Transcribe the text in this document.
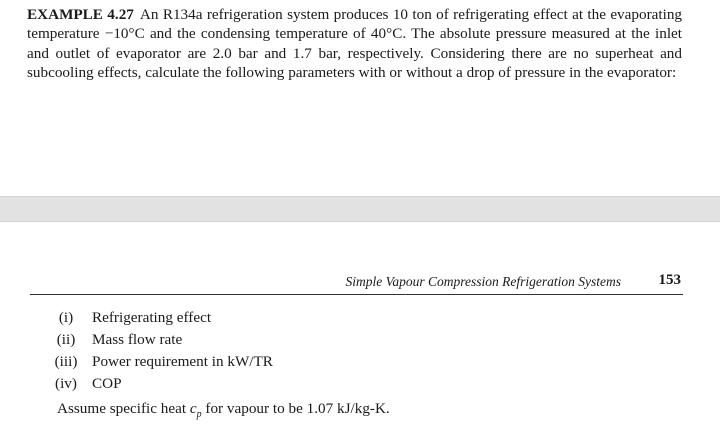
EXAMPLE 4.27 An R134a refrigeration system produces 10 ton of refrigerating effect at the evaporating temperature −10°C and the condensing temperature of 40°C. The absolute pressure measured at the inlet and outlet of evaporator are 2.0 bar and 1.7 bar, respectively. Considering there are no superheat and subcooling effects, calculate the following parameters with or without a drop of pressure in the evaporator:
Simple Vapour Compression Refrigeration Systems	153
(i) Refrigerating effect
(ii) Mass flow rate
(iii) Power requirement in kW/TR
(iv) COP
Assume specific heat $c_p$ for vapour to be 1.07 kJ/kg-K.
